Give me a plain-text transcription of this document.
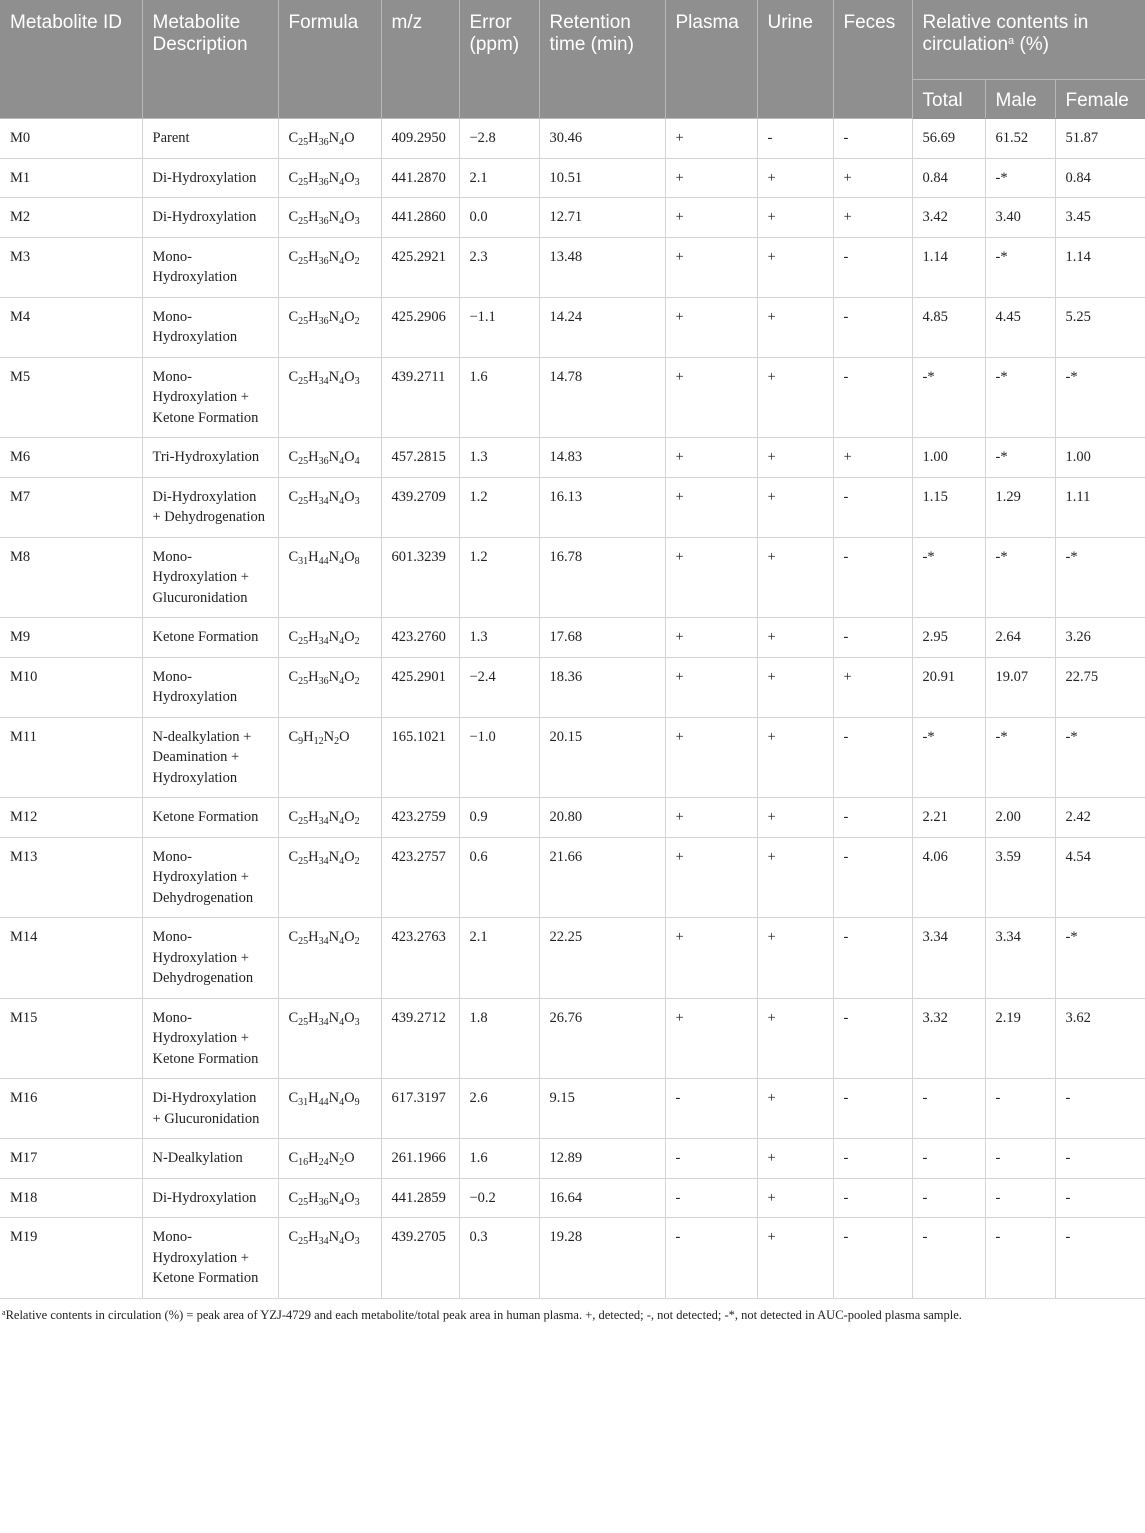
Metabolite ID	Metabolite Description	Formula	m/z	Error (ppm)	Retention time (min)	Plasma	Urine	Feces	Relative contents in circulation$^a$ (%)		
									Total	Male	Female
M0	Parent	$C_{25}H_{36}N_4O$	409.2950	−2.8	30.46	+	-	-	56.69	61.52	51.87
M1	Di-Hydroxylation	$C_{25}H_{36}N_4O_3$	441.2870	2.1	10.51	+	+	+	0.84	-*	0.84
M2	Di-Hydroxylation	$C_{25}H_{36}N_4O_3$	441.2860	0.0	12.71	+	+	+	3.42	3.40	3.45
M3	Mono-Hydroxylation	$C_{25}H_{36}N_4O_2$	425.2921	2.3	13.48	+	+	-	1.14	-*	1.14
M4	Mono-Hydroxylation	$C_{25}H_{36}N_4O_2$	425.2906	−1.1	14.24	+	+	-	4.85	4.45	5.25
M5	Mono-Hydroxylation + Ketone Formation	$C_{25}H_{34}N_4O_3$	439.2711	1.6	14.78	+	+	-	-*	-*	-*
M6	Tri-Hydroxylation	$C_{25}H_{36}N_4O_4$	457.2815	1.3	14.83	+	+	+	1.00	-*	1.00
M7	Di-Hydroxylation + Dehydrogenation	$C_{25}H_{34}N_4O_3$	439.2709	1.2	16.13	+	+	-	1.15	1.29	1.11
M8	Mono-Hydroxylation + Glucuronidation	$C_{31}H_{44}N_4O_8$	601.3239	1.2	16.78	+	+	-	-*	-*	-*
M9	Ketone Formation	$C_{25}H_{34}N_4O_2$	423.2760	1.3	17.68	+	+	-	2.95	2.64	3.26
M10	Mono-Hydroxylation	$C_{25}H_{36}N_4O_2$	425.2901	−2.4	18.36	+	+	+	20.91	19.07	22.75
M11	N-dealkylation + Deamination + Hydroxylation	$C_9H_{12}N_2O$	165.1021	−1.0	20.15	+	+	-	-*	-*	-*
M12	Ketone Formation	$C_{25}H_{34}N_4O_2$	423.2759	0.9	20.80	+	+	-	2.21	2.00	2.42
M13	Mono-Hydroxylation + Dehydrogenation	$C_{25}H_{34}N_4O_2$	423.2757	0.6	21.66	+	+	-	4.06	3.59	4.54
M14	Mono-Hydroxylation + Dehydrogenation	$C_{25}H_{34}N_4O_2$	423.2763	2.1	22.25	+	+	-	3.34	3.34	-*
M15	Mono-Hydroxylation + Ketone Formation	$C_{25}H_{34}N_4O_3$	439.2712	1.8	26.76	+	+	-	3.32	2.19	3.62
M16	Di-Hydroxylation + Glucuronidation	$C_{31}H_{44}N_4O_9$	617.3197	2.6	9.15	-	+	-	-	-	-
M17	N-Dealkylation	$C_{16}H_{24}N_2O$	261.1966	1.6	12.89	-	+	-	-	-	-
M18	Di-Hydroxylation	$C_{25}H_{36}N_4O_3$	441.2859	−0.2	16.64	-	+	-	-	-	-
M19	Mono-Hydroxylation + Ketone Formation	$C_{25}H_{34}N_4O_3$	439.2705	0.3	19.28	-	+	-	-	-	-
$^a$Relative contents in circulation (%) = peak area of YZJ-4729 and each metabolite/total peak area in human plasma. +, detected; -, not detected; -*, not detected in AUC-pooled plasma sample.
